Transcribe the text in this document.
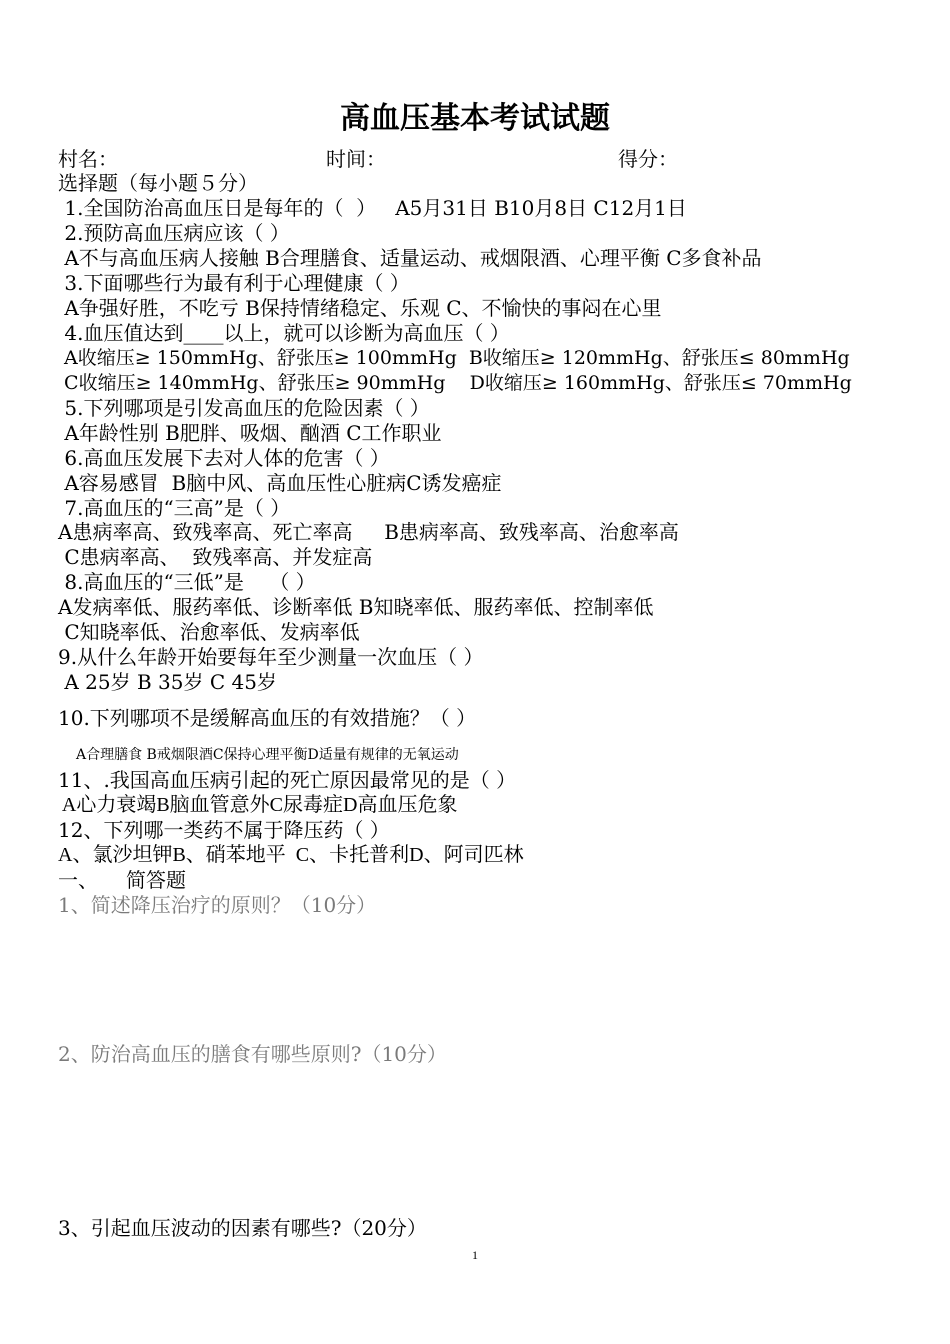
高血压基本考试试题
村名：	时间：	得分：
选择题（每小题５分）
1.全国防治高血压日是每年的（  ）   A5月31日 B10月8日 C12月1日
2.预防高血压病应该（ ）
A不与高血压病人接触 B合理膳食、适量运动、戒烟限酒、心理平衡 C多食补品
3.下面哪些行为最有利于心理健康（ ）
A争强好胜，不吃亏 B保持情绪稳定、乐观 C、不愉快的事闷在心里
4.血压值达到____以上，就可以诊断为高血压（ ）
A收缩压≥ 150mmHg、舒张压≥ 100mmHg  B收缩压≥ 120mmHg、舒张压≤ 80mmHg
C收缩压≥ 140mmHg、舒张压≥ 90mmHg    D收缩压≥ 160mmHg、舒张压≤ 70mmHg
5.下列哪项是引发高血压的危险因素（ ）
A年龄性别 B肥胖、吸烟、酗酒 C工作职业
6.高血压发展下去对人体的危害（ ）
A容易感冒  B脑中风、高血压性心脏病C诱发癌症
7.高血压的“三高”是（ ）
A患病率高、致残率高、死亡率高     B患病率高、致残率高、治愈率高
C患病率高、  致残率高、并发症高
8.高血压的“三低”是    （ ）
A发病率低、服药率低、诊断率低 B知晓率低、服药率低、控制率低
C知晓率低、治愈率低、发病率低
9.从什么年龄开始要每年至少测量一次血压（ ）
A 25岁 B 35岁 C 45岁
10.下列哪项不是缓解高血压的有效措施？（ ）
A合理膳食 B戒烟限酒C保持心理平衡D适量有规律的无氧运动
11、.我国高血压病引起的死亡原因最常见的是（ ）
A心力衰竭B脑血管意外C尿毒症D高血压危象
12、下列哪一类药不属于降压药（ ）
A、氯沙坦钾B、硝苯地平  C、卡托普利D、阿司匹林
一、 简答题
1、简述降压治疗的原则？（10分）
2、防治高血压的膳食有哪些原则?（10分）
3、引起血压波动的因素有哪些?（20分）
1
